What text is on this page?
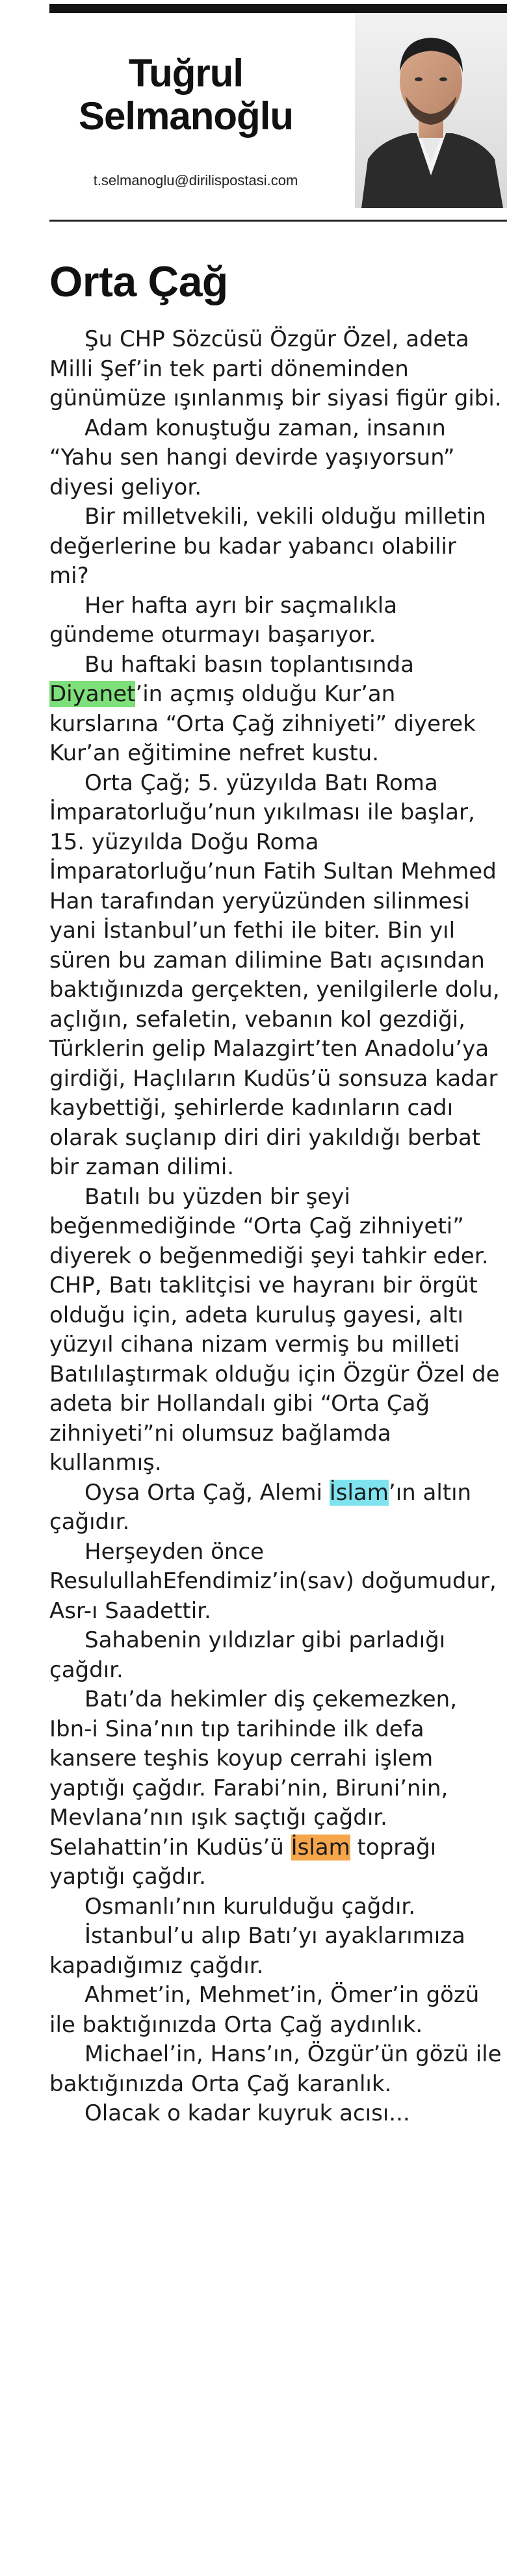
Tuğrul
Selmanoğlu
t.selmanoglu@dirilispostasi.com
Orta Çağ

Şu CHP Sözcüsü Özgür Özel, adeta Milli Şef’in tek parti döneminden günümüze ışınlanmış bir siyasi figür gibi.

Adam konuştuğu zaman, insanın “Yahu sen hangi devirde yaşıyorsun” diyesi geliyor.

Bir milletvekili, vekili olduğu milletin değerlerine bu kadar yabancı olabilir mi?

Her hafta ayrı bir saçmalıkla gündeme oturmayı başarıyor.

Bu haftaki basın toplantısında Diyanet’in açmış olduğu Kur’an kurslarına “Orta Çağ zihniyeti” diyerek Kur’an eğitimine nefret kustu.

Orta Çağ; 5. yüzyılda Batı Roma İmparatorluğu’nun yıkılması ile başlar, 15. yüzyılda Doğu Roma İmparatorluğu’nun Fatih Sultan Mehmed Han tarafından yeryüzünden silinmesi yani İstanbul’un fethi ile biter. Bin yıl süren bu zaman dilimine Batı açısından baktığınızda gerçekten, yenilgilerle dolu, açlığın, sefaletin, vebanın kol gezdiği, Türklerin gelip Malazgirt’ten Anadolu’ya girdiği, Haçlıların Kudüs’ü sonsuza kadar kaybettiği, şehirlerde kadınların cadı olarak suçlanıp diri diri yakıldığı berbat bir zaman dilimi.

Batılı bu yüzden bir şeyi beğenmediğinde “Orta Çağ zihniyeti” diyerek o beğenmediği şeyi tahkir eder. CHP, Batı taklitçisi ve hayranı bir örgüt olduğu için, adeta kuruluş gayesi, altı yüzyıl cihana nizam vermiş bu milleti Batılılaştırmak olduğu için Özgür Özel de adeta bir Hollandalı gibi “Orta Çağ zihniyeti”ni olumsuz bağlamda kullanmış.

Oysa Orta Çağ, Alemi İslam’ın altın çağıdır.

Herşeyden önce ResulullahEfendimiz’in(sav) doğumudur, Asr-ı Saadettir.

Sahabenin yıldızlar gibi parladığı çağdır.

Batı’da hekimler diş çekemezken, Ibn-i Sina’nın tıp tarihinde ilk defa kansere teşhis koyup cerrahi işlem yaptığı çağdır. Farabi’nin, Biruni’nin, Mevlana’nın ışık saçtığı çağdır. Selahattin’in Kudüs’ü İslam toprağı yaptığı çağdır.

Osmanlı’nın kurulduğu çağdır.

İstanbul’u alıp Batı’yı ayaklarımıza kapadığımız çağdır.

Ahmet’in, Mehmet’in, Ömer’in gözü ile baktığınızda Orta Çağ aydınlık.

Michael’in, Hans’ın, Özgür’ün gözü ile baktığınızda Orta Çağ karanlık.

Olacak o kadar kuyruk acısı...
